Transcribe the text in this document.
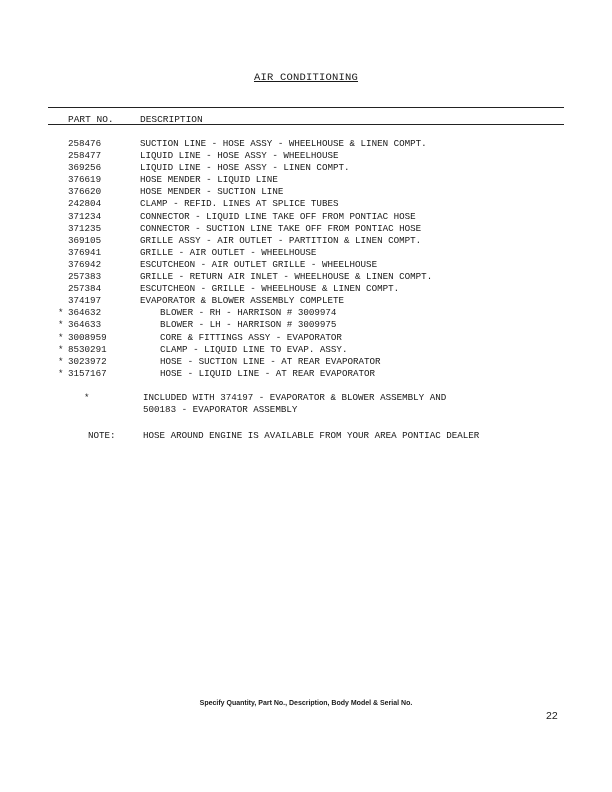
AIR CONDITIONING
PART NO.	DESCRIPTION
258476	SUCTION LINE - HOSE ASSY - WHEELHOUSE & LINEN COMPT.
258477	LIQUID LINE - HOSE ASSY - WHEELHOUSE
369256	LIQUID LINE - HOSE ASSY - LINEN COMPT.
376619	HOSE MENDER - LIQUID LINE
376620	HOSE MENDER - SUCTION LINE
242804	CLAMP - REFID. LINES AT SPLICE TUBES
371234	CONNECTOR - LIQUID LINE TAKE OFF FROM PONTIAC HOSE
371235	CONNECTOR - SUCTION LINE TAKE OFF FROM PONTIAC HOSE
369105	GRILLE ASSY - AIR OUTLET - PARTITION & LINEN COMPT.
376941	GRILLE - AIR OUTLET - WHEELHOUSE
376942	ESCUTCHEON - AIR OUTLET GRILLE - WHEELHOUSE
257383	GRILLE - RETURN AIR INLET - WHEELHOUSE & LINEN COMPT.
257384	ESCUTCHEON - GRILLE - WHEELHOUSE & LINEN COMPT.
374197	EVAPORATOR & BLOWER ASSEMBLY COMPLETE
* 364632	BLOWER - RH - HARRISON # 3009974
* 364633	BLOWER - LH - HARRISON # 3009975
* 3008959	CORE & FITTINGS ASSY - EVAPORATOR
* 8530291	CLAMP - LIQUID LINE TO EVAP. ASSY.
* 3023972	HOSE - SUCTION LINE - AT REAR EVAPORATOR
* 3157167	HOSE - LIQUID LINE - AT REAR EVAPORATOR
*	INCLUDED WITH 374197 - EVAPORATOR & BLOWER ASSEMBLY AND
500183 - EVAPORATOR ASSEMBLY
NOTE:	HOSE AROUND ENGINE IS AVAILABLE FROM YOUR AREA PONTIAC DEALER
Specify Quantity, Part No., Description, Body Model & Serial No.
22
